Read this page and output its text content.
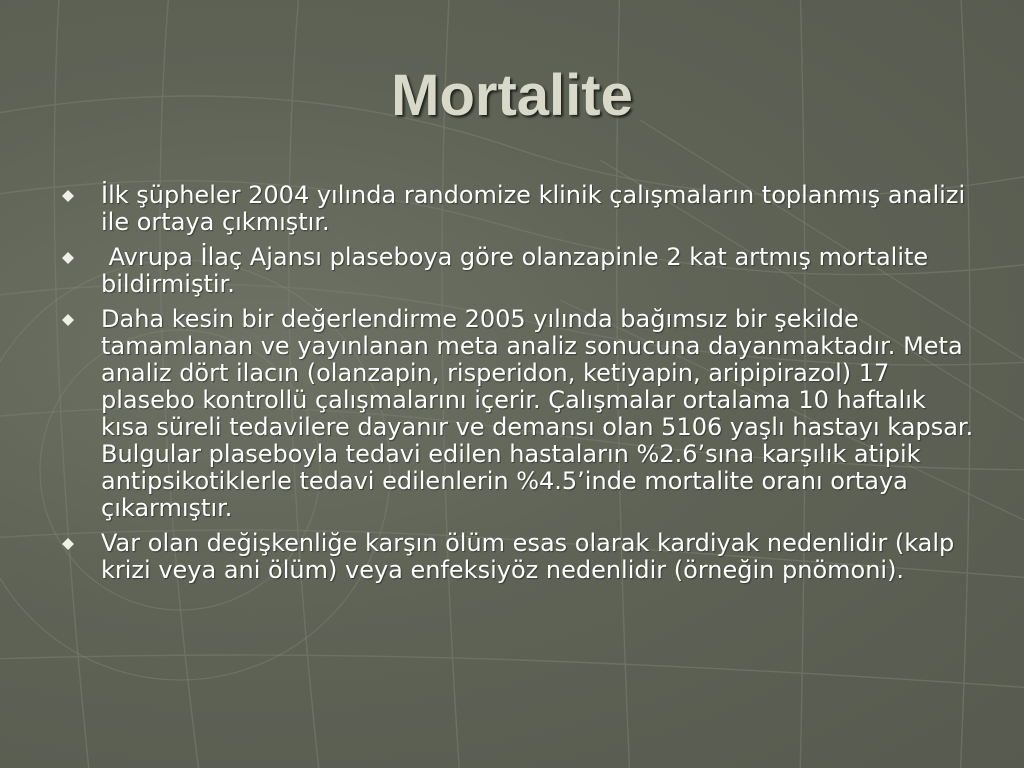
Mortalite
İlk şüpheler 2004 yılında randomize klinik çalışmaların toplanmış analizi ile ortaya çıkmıştır.
Avrupa İlaç Ajansı plaseboya göre olanzapinle 2 kat artmış mortalite bildirmiştir.
Daha kesin bir değerlendirme 2005 yılında bağımsız bir şekilde tamamlanan ve yayınlanan meta analiz sonucuna dayanmaktadır. Meta analiz dört ilacın (olanzapin, risperidon, ketiyapin, aripipirazol) 17 plasebo kontrollü çalışmalarını içerir. Çalışmalar ortalama 10 haftalık kısa süreli tedavilere dayanır ve demansı olan 5106 yaşlı hastayı kapsar. Bulgular plaseboyla tedavi edilen hastaların %2.6’sına karşılık atipik antipsikotiklerle tedavi edilenlerin %4.5’inde mortalite oranı ortaya çıkarmıştır.
Var olan değişkenliğe karşın ölüm esas olarak kardiyak nedenlidir (kalp krizi veya ani ölüm) veya enfeksiyöz nedenlidir (örneğin pnömoni).
